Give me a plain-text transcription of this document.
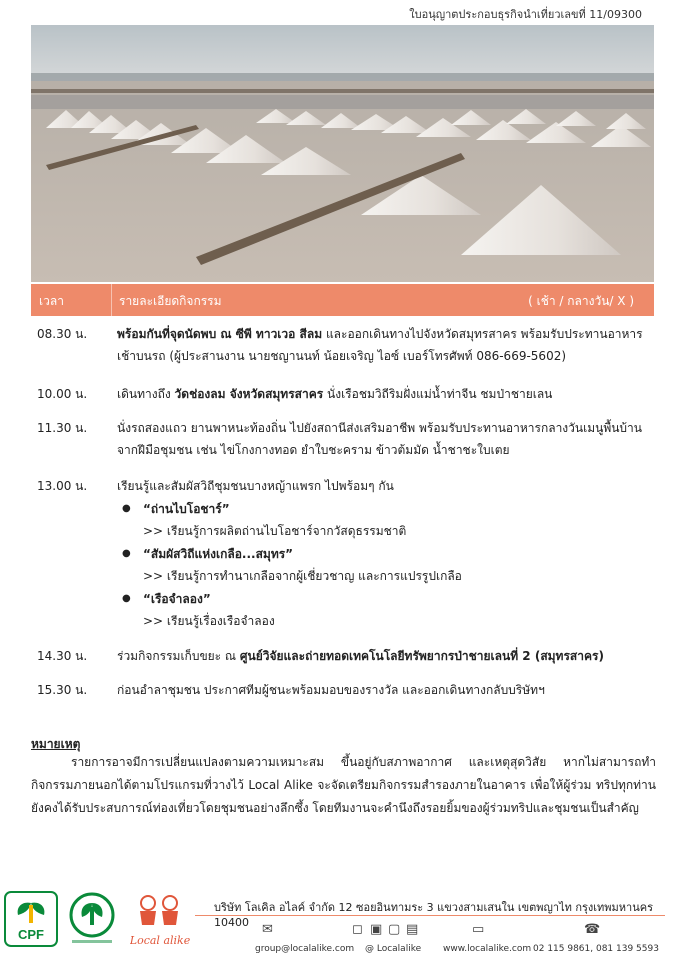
ใบอนุญาตประกอบธุรกิจนำเที่ยวเลขที่ 11/09300
เวลา	รายละเอียดกิจกรรม	( เช้า / กลางวัน/ X )
08.30 น.	พร้อมกันที่จุดนัดพบ ณ ซีพี ทาวเวอ สีลม และออกเดินทางไปจังหวัดสมุทรสาคร พร้อมรับประทานอาหารเช้าบนรถ (ผู้ประสานงาน นายชญานนท์ น้อยเจริญ ไอซ์ เบอร์โทรศัพท์ 086-669-5602)
10.00 น.	เดินทางถึง วัดช่องลม จังหวัดสมุทรสาคร นั่งเรือชมวิถีริมฝั่งแม่น้ำท่าจีน ชมป่าชายเลน
11.30 น.	นั่งรถสองแถว ยานพาหนะท้องถิ่น ไปยังสถานีส่งเสริมอาชีพ พร้อมรับประทานอาหารกลางวันเมนูพื้นบ้านจากฝีมือชุมชน เช่น ไข่โกงกางทอด ยำใบชะคราม ข้าวต้มมัด น้ำชาชะใบเตย
13.00 น.	เรียนรู้และสัมผัสวิถีชุมชนบางหญ้าแพรก ไปพร้อมๆ กัน
● “ถ่านไบโอชาร์”
>> เรียนรู้การผลิตถ่านไบโอชาร์จากวัสดุธรรมชาติ
● “สัมผัสวิถีแห่งเกลือ...สมุทร”
>> เรียนรู้การทำนาเกลือจากผู้เชี่ยวชาญ และการแปรรูปเกลือ
● “เรือจำลอง”
>> เรียนรู้เรื่องเรือจำลอง
14.30 น.	ร่วมกิจกรรมเก็บขยะ ณ ศูนย์วิจัยและถ่ายทอดเทคโนโลยีทรัพยากรป่าชายเลนที่ 2 (สมุทรสาคร)
15.30 น.	ก่อนอำลาชุมชน ประกาศทีมผู้ชนะพร้อมมอบของรางวัล และออกเดินทางกลับบริษัทฯ
หมายเหตุ
รายการอาจมีการเปลี่ยนแปลงตามความเหมาะสม ขึ้นอยู่กับสภาพอากาศ และเหตุสุดวิสัย หากไม่สามารถทำกิจกรรมภายนอกได้ตามโปรแกรมที่วางไว้ Local Alike จะจัดเตรียมกิจกรรมสำรองภายในอาคาร เพื่อให้ผู้ร่วม ทริปทุกท่านยังคงได้รับประสบการณ์ท่องเที่ยวโดยชุมชนอย่างลึกซึ้ง โดยทีมงานจะคำนึงถึงรอยยิ้มของผู้ร่วมทริปและชุมชนเป็นสำคัญ
CPF	Local alike
บริษัท โลเคิล อไลค์ จำกัด 12 ซอยอินทามระ 3 แขวงสามเสนใน เขตพญาไท กรุงเทพมหานคร 10400	✉	◻ ▣ ▢ ▤	▭	☎
group@localalike.com @ Localalike www.localalike.com 02 115 9861, 081 139 5593
